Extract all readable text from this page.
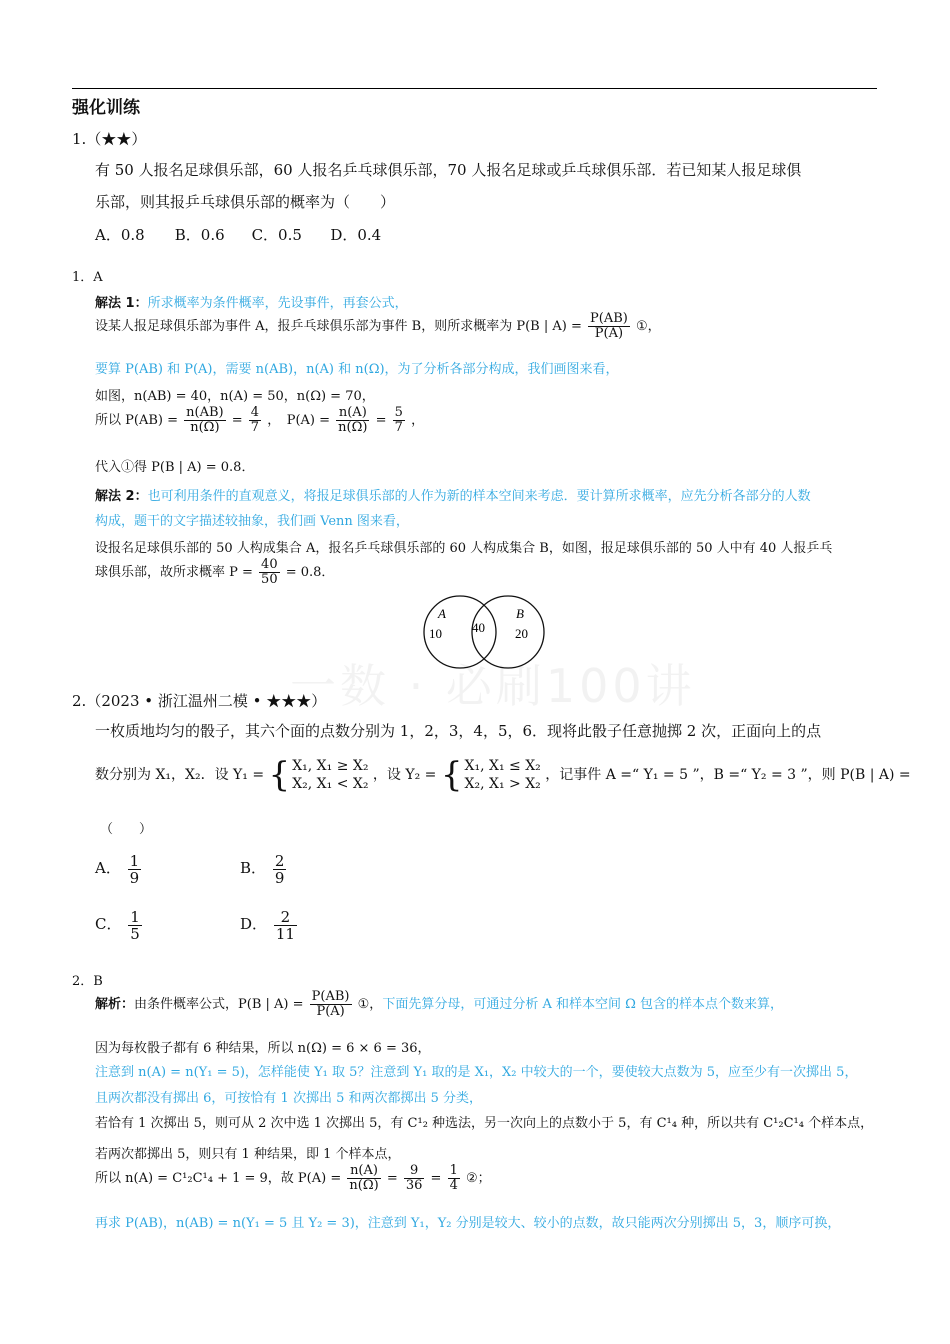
强化训练
一数 · 必刷100讲
1.（★★）
有 50 人报名足球俱乐部，60 人报名乒乓球俱乐部，70 人报名足球或乒乓球俱乐部．若已知某人报足球俱
乐部，则其报乒乓球俱乐部的概率为（　　）
A．0.8 B．0.6 C．0.5 D．0.4
1．A
解法 1：所求概率为条件概率，先设事件，再套公式，
设某人报足球俱乐部为事件 A，报乒乓球俱乐部为事件 B，则所求概率为 P(B | $A) = \frac{P(AB)}{P(A)}$ ①，
要算 P(AB) 和 P(A)，需要 n(AB)，n(A) 和 n(Ω)，为了分析各部分构成，我们画图来看，
如图，n(AB) = 40，n(A) = 50，n(Ω) = 70，
所以 $P(AB) = \frac{n(AB)}{n(\Omega)} = \frac{4}{7}$ ，　$P(A) = \frac{n(A)}{n(\Omega)} = \frac{5}{7}$ ，
代入①得 P(B | A) = 0.8．
解法 2：也可利用条件的直观意义，将报足球俱乐部的人作为新的样本空间来考虑．要计算所求概率，应先分析各部分的人数
构成，题干的文字描述较抽象，我们画 Venn 图来看，
设报名足球俱乐部的 50 人构成集合 A，报名乒乓球俱乐部的 60 人构成集合 B，如图，报足球俱乐部的 50 人中有 40 人报乒乓
球俱乐部，故所求概率 $P = \frac{40}{50} = 0.8$．
A	B
10 40 20
2.（2023 • 浙江温州二模 • ★★★）
一枚质地均匀的骰子，其六个面的点数分别为 1，2，3，4，5，6．现将此骰子任意抛掷 2 次，正面向上的点
数分别为 X₁，X₂．设 Y₁ = { X₁, X₁ ≥ X₂
X₂, X₁ < X₂
，设 Y₂ = { X₁, X₁ ≤ X₂
X₂, X₁ > X₂
，记事件 A =“ Y₁ = 5 ”，B =“ Y₂ = 3 ”，则 P(B | A) =
（　　）
A． $\frac{1}{9}$	B． $\frac{2}{9}$
C． $\frac{1}{5}$	D． $\frac{2}{11}$
2．B
解析：由条件概率公式，P(B | $A) = \frac{P(AB)}{P(A)}$ ①，下面先算分母，可通过分析 A 和样本空间 Ω 包含的样本点个数来算，
因为每枚骰子都有 6 种结果，所以 n(Ω) = 6 × 6 = 36，
注意到 n(A) = n(Y₁ = 5)，怎样能使 Y₁ 取 5？注意到 Y₁ 取的是 X₁，X₂ 中较大的一个，要使较大点数为 5，应至少有一次掷出 5，
且两次都没有掷出 6，可按恰有 1 次掷出 5 和两次都掷出 5 分类，
若恰有 1 次掷出 5，则可从 2 次中选 1 次掷出 5，有 C¹₂ 种选法，另一次向上的点数小于 5，有 C¹₄ 种，所以共有 C¹₂C¹₄ 个样本点，
若两次都掷出 5，则只有 1 种结果，即 1 个样本点，
所以 n(A) = C¹₂C¹₄ + 1 = 9，故 $P(A) = \frac{n(A)}{n(\Omega)} = \frac{9}{36} = \frac{1}{4}$ ②；
再求 P(AB)，n(AB) = n(Y₁ = 5 且 Y₂ = 3)，注意到 Y₁，Y₂ 分别是较大、较小的点数，故只能两次分别掷出 5，3，顺序可换，
